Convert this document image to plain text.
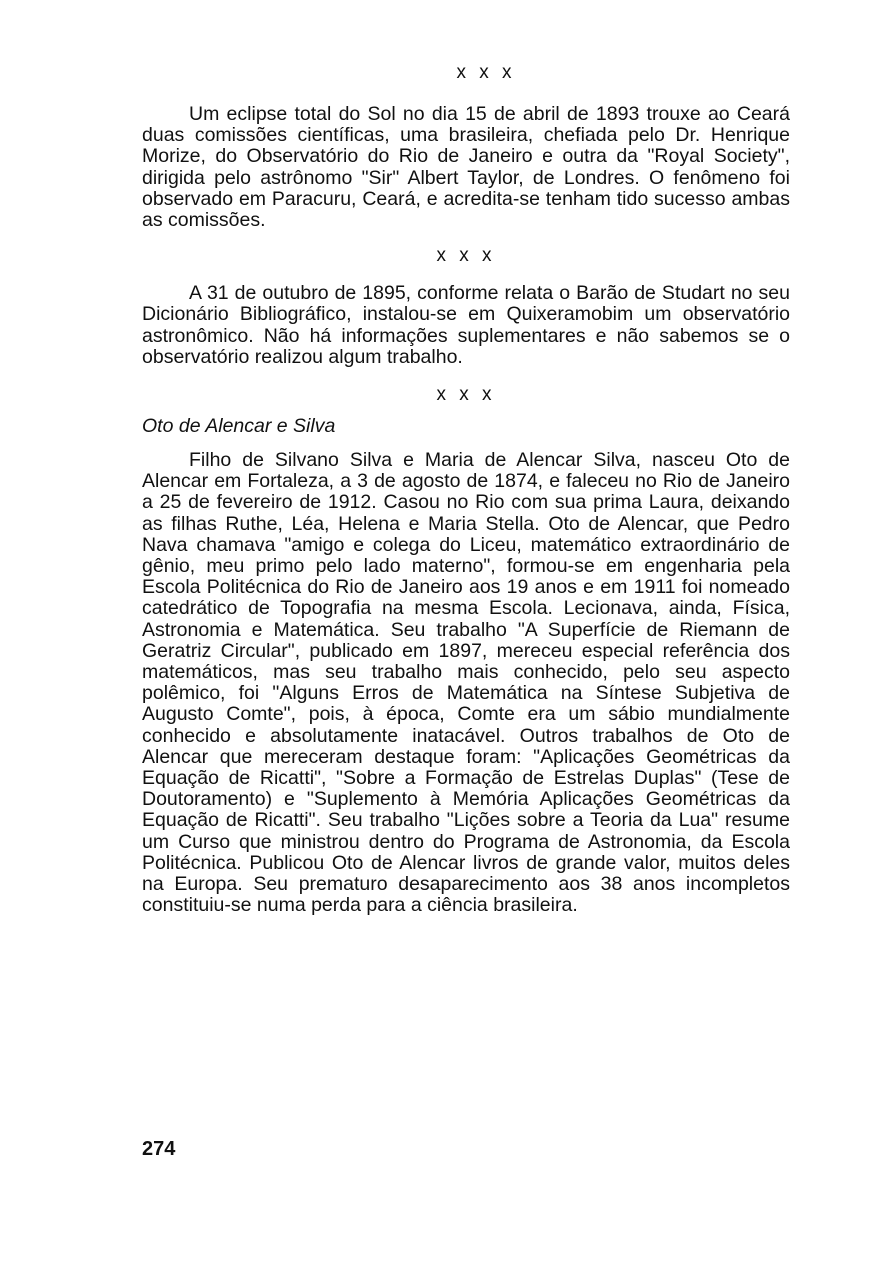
x x x

Um eclipse total do Sol no dia 15 de abril de 1893 trouxe ao Ceará duas comissões científicas, uma brasileira, chefiada pelo Dr. Henrique Morize, do Observatório do Rio de Janeiro e outra da "Royal Society", dirigida pelo astrônomo "Sir" Albert Taylor, de Londres. O fenômeno foi observado em Paracuru, Ceará, e acredita-se tenham tido sucesso ambas as comissões.

x x x

A 31 de outubro de 1895, conforme relata o Barão de Studart no seu Dicionário Bibliográfico, instalou-se em Quixeramobim um observatório astronômico. Não há informações suplementares e não sabemos se o observatório realizou algum trabalho.

x x x
Oto de Alencar e Silva

Filho de Silvano Silva e Maria de Alencar Silva, nasceu Oto de Alencar em Fortaleza, a 3 de agosto de 1874, e faleceu no Rio de Janeiro a 25 de fevereiro de 1912. Casou no Rio com sua prima Laura, deixando as filhas Ruthe, Léa, Helena e Maria Stella. Oto de Alencar, que Pedro Nava chamava "amigo e colega do Liceu, matemático extraordinário de gênio, meu primo pelo lado materno", formou-se em engenharia pela Escola Politécnica do Rio de Janeiro aos 19 anos e em 1911 foi nomeado catedrático de Topografia na mesma Escola. Lecionava, ainda, Física, Astronomia e Matemática. Seu trabalho "A Superfície de Riemann de Geratriz Circular", publicado em 1897, mereceu especial referência dos matemáticos, mas seu trabalho mais conhecido, pelo seu aspecto polêmico, foi "Alguns Erros de Matemática na Síntese Subjetiva de Augusto Comte", pois, à época, Comte era um sábio mundialmente conhecido e absolutamente inatacável. Outros trabalhos de Oto de Alencar que mereceram destaque foram: "Aplicações Geométricas da Equação de Ricatti", "Sobre a Formação de Estrelas Duplas" (Tese de Doutoramento) e "Suplemento à Memória Aplicações Geométricas da Equação de Ricatti". Seu trabalho "Lições sobre a Teoria da Lua" resume um Curso que ministrou dentro do Programa de Astronomia, da Escola Politécnica. Publicou Oto de Alencar livros de grande valor, muitos deles na Europa. Seu prematuro desaparecimento aos 38 anos incompletos constituiu-se numa perda para a ciência brasileira.

274
